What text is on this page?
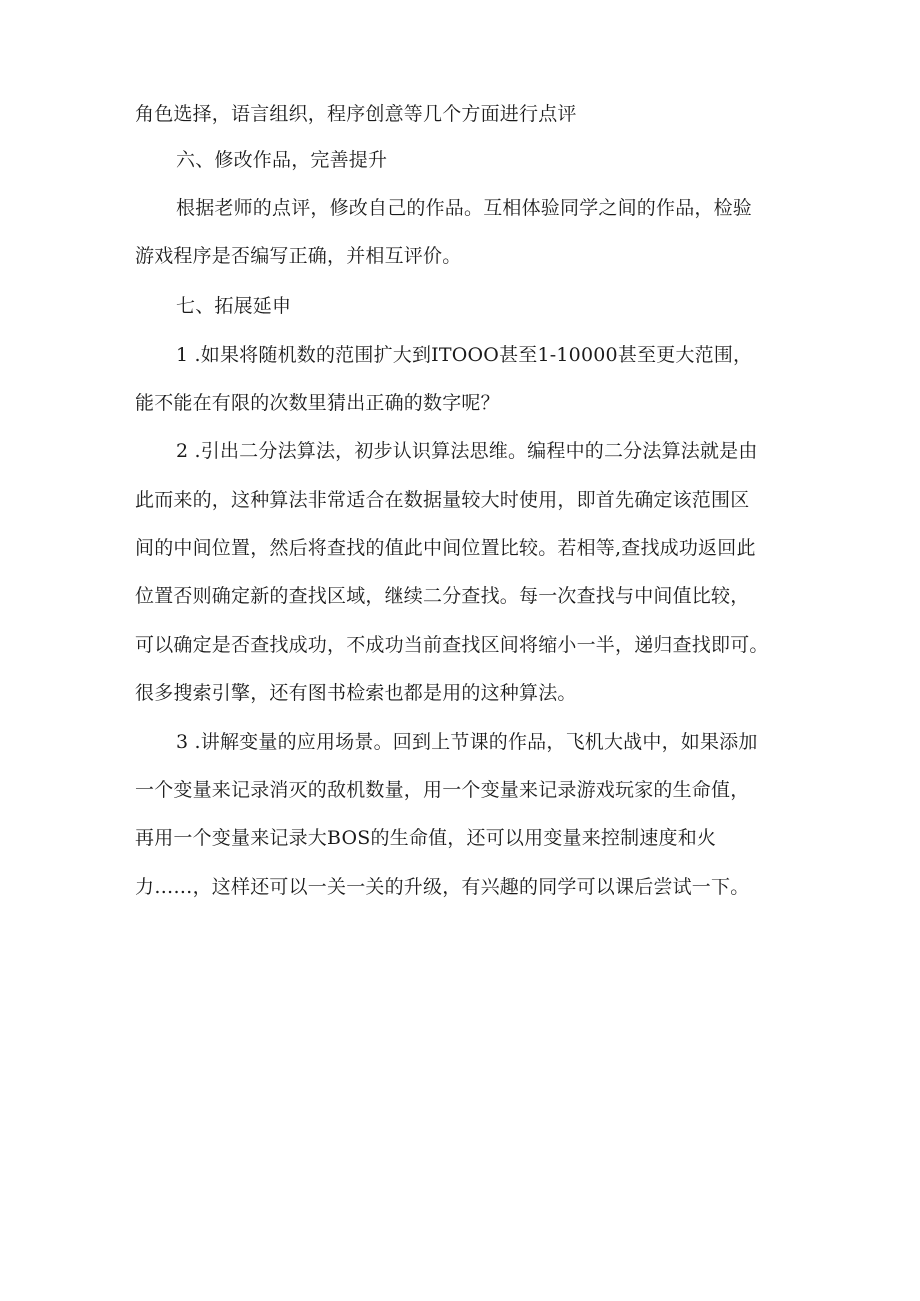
角色选择，语言组织，程序创意等几个方面进行点评
六、修改作品，完善提升
根据老师的点评，修改自己的作品。互相体验同学之间的作品，检验
游戏程序是否编写正确，并相互评价。
七、拓展延申
1 .如果将随机数的范围扩大到ITOOO甚至1-10000甚至更大范围，
能不能在有限的次数里猜出正确的数字呢？
2 .引出二分法算法，初步认识算法思维。编程中的二分法算法就是由
此而来的，这种算法非常适合在数据量较大时使用，即首先确定该范围区
间的中间位置，然后将查找的值此中间位置比较。若相等,查找成功返回此
位置否则确定新的查找区域，继续二分查找。每一次查找与中间值比较，
可以确定是否查找成功，不成功当前查找区间将缩小一半，递归查找即可。
很多搜索引擎，还有图书检索也都是用的这种算法。
3 .讲解变量的应用场景。回到上节课的作品，飞机大战中，如果添加
一个变量来记录消灭的敌机数量，用一个变量来记录游戏玩家的生命值，
再用一个变量来记录大BOS的生命值，还可以用变量来控制速度和火
力……，这样还可以一关一关的升级，有兴趣的同学可以课后尝试一下。
